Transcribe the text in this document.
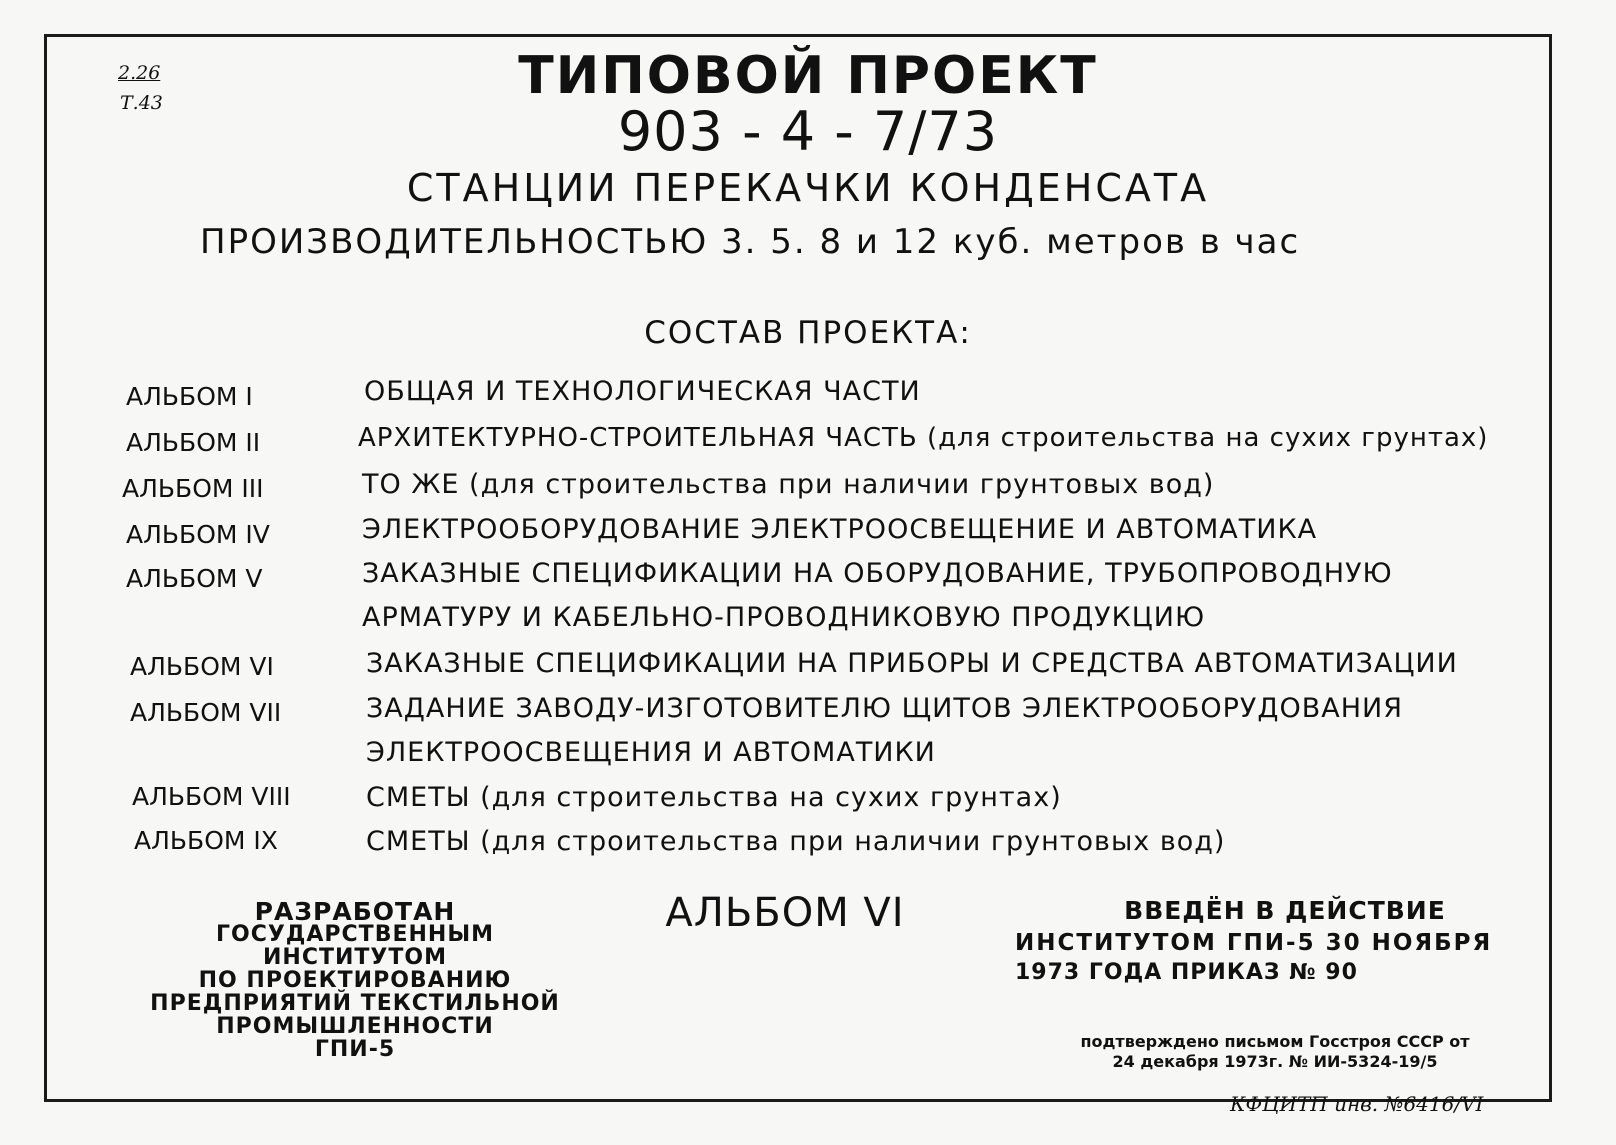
2.26
Т.43	ТИПОВОЙ ПРОЕКТ
903 - 4 - 7/73
СТАНЦИИ ПЕРЕКАЧКИ КОНДЕНСАТА
ПРОИЗВОДИТЕЛЬНОСТЬЮ 3. 5. 8 и 12 куб. метров в час
СОСТАВ ПРОЕКТА:
АЛЬБОМ I	ОБЩАЯ И ТЕХНОЛОГИЧЕСКАЯ ЧАСТИ
АЛЬБОМ II	АРХИТЕКТУРНО-СТРОИТЕЛЬНАЯ ЧАСТЬ (для строительства на сухих грунтах)
АЛЬБОМ III	ТО ЖЕ (для строительства при наличии грунтовых вод)
АЛЬБОМ IV	ЭЛЕКТРООБОРУДОВАНИЕ ЭЛЕКТРООСВЕЩЕНИЕ И АВТОМАТИКА
АЛЬБОМ V	ЗАКАЗНЫЕ СПЕЦИФИКАЦИИ НА ОБОРУДОВАНИЕ, ТРУБОПРОВОДНУЮ
АРМАТУРУ И КАБЕЛЬНО-ПРОВОДНИКОВУЮ ПРОДУКЦИЮ
АЛЬБОМ VI	ЗАКАЗНЫЕ СПЕЦИФИКАЦИИ НА ПРИБОРЫ И СРЕДСТВА АВТОМАТИЗАЦИИ
АЛЬБОМ VII	ЗАДАНИЕ ЗАВОДУ-ИЗГОТОВИТЕЛЮ ЩИТОВ ЭЛЕКТРООБОРУДОВАНИЯ
ЭЛЕКТРООСВЕЩЕНИЯ И АВТОМАТИКИ
АЛЬБОМ VIII	СМЕТЫ (для строительства на сухих грунтах)
АЛЬБОМ IX	СМЕТЫ (для строительства при наличии грунтовых вод)
РАЗРАБОТАН
ГОСУДАРСТВЕННЫМ ИНСТИТУТОМ
ПО ПРОЕКТИРОВАНИЮ
ПРЕДПРИЯТИЙ ТЕКСТИЛЬНОЙ
ПРОМЫШЛЕННОСТИ
ГПИ-5
АЛЬБОМ VI	ВВЕДЁН В ДЕЙСТВИЕ
ИНСТИТУТОМ ГПИ-5 30 НОЯБРЯ
1973 ГОДА ПРИКАЗ № 90
подтверждено письмом Госстроя СССР от
24 декабря 1973г. № ИИ-5324-19/5
КФЦИТП инв. №6416/VI
